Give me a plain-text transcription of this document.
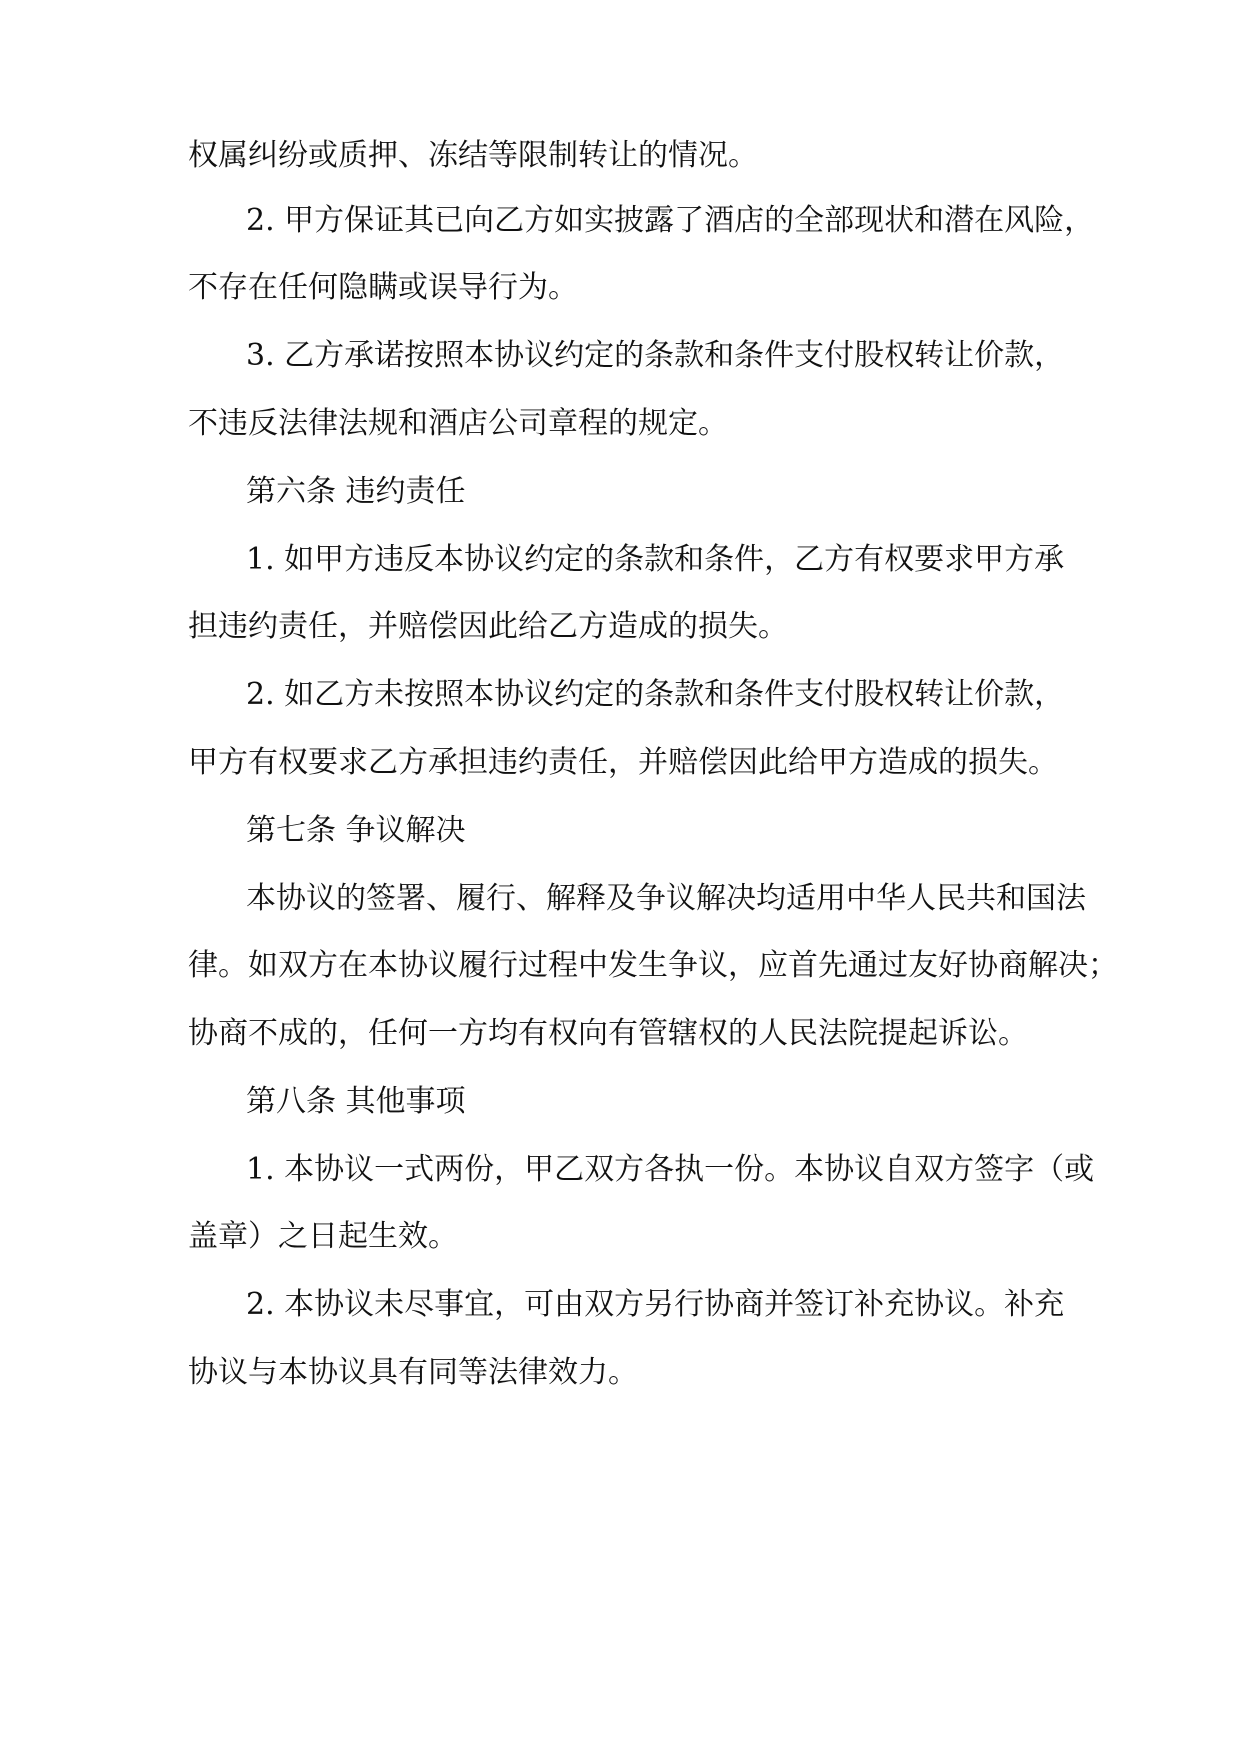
权属纠纷或质押、冻结等限制转让的情况。

2. 甲方保证其已向乙方如实披露了酒店的全部现状和潜在风险，

不存在任何隐瞒或误导行为。

3. 乙方承诺按照本协议约定的条款和条件支付股权转让价款，

不违反法律法规和酒店公司章程的规定。

第六条 违约责任

1. 如甲方违反本协议约定的条款和条件，乙方有权要求甲方承

担违约责任，并赔偿因此给乙方造成的损失。

2. 如乙方未按照本协议约定的条款和条件支付股权转让价款，

甲方有权要求乙方承担违约责任，并赔偿因此给甲方造成的损失。

第七条 争议解决

本协议的签署、履行、解释及争议解决均适用中华人民共和国法

律。如双方在本协议履行过程中发生争议，应首先通过友好协商解决；

协商不成的，任何一方均有权向有管辖权的人民法院提起诉讼。

第八条 其他事项

1. 本协议一式两份，甲乙双方各执一份。本协议自双方签字（或

盖章）之日起生效。

2. 本协议未尽事宜，可由双方另行协商并签订补充协议。补充

协议与本协议具有同等法律效力。
